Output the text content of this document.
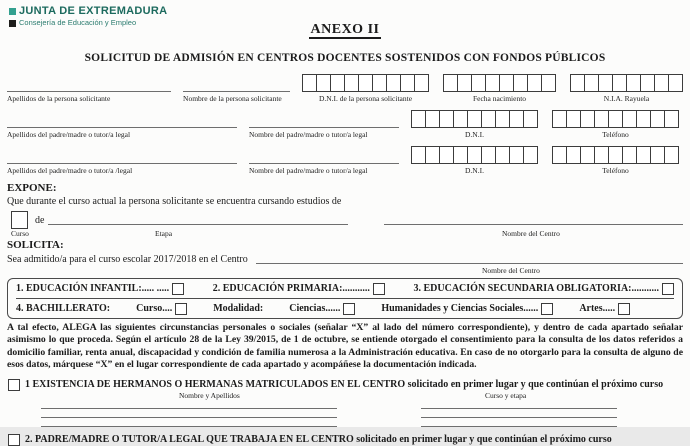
JUNTA DE EXTREMADURA
Consejería de Educación y Empleo	ANEXO II
SOLICITUD DE ADMISIÓN EN CENTROS DOCENTES SOSTENIDOS CON FONDOS PÚBLICOS
Apellidos de la persona solicitante	Nombre de la persona solicitante	D.N.I. de la persona solicitante	Fecha nacimiento	N.I.A. Rayuela
Apellidos del padre/madre o tutor/a legal	Nombre del padre/madre o tutor/a legal	D.N.I.	Teléfono
Apellidos del padre/madre o tutor/a /legal	Nombre del padre/madre o tutor/a legal	D.N.I.	Teléfono
EXPONE:
Que durante el curso actual la persona solicitante se encuentra cursando estudios de
de
Curso	Etapa	Nombre del Centro
SOLICITA:
Sea admitido/a para el curso escolar 2017/2018 en el Centro
Nombre del Centro
1. EDUCACIÓN INFANTIL:..... .....	2. EDUCACIÓN PRIMARIA:...........	3. EDUCACIÓN SECUNDARIA OBLIGATORIA:...........
4. BACHILLERATO:	Curso....	Modalidad:	Ciencias......	Humanidades y Ciencias Sociales......	Artes.....
A tal efecto, ALEGA las siguientes circunstancias personales o sociales (señalar “X” al lado del número correspondiente), y dentro de cada apartado señalar asimismo lo que proceda. Según el artículo 28 de la Ley 39/2015, de 1 de octubre, se entiende otorgado el consentimiento para la consulta de los datos referidos a domicilio familiar, renta anual, discapacidad y condición de familia numerosa a la Administración educativa. En caso de no otorgarlo para la consulta de alguno de esos datos, márquese “X” en el lugar correspondiente de cada apartado y acompáñese la documentación indicada.
1 EXISTENCIA DE HERMANOS O HERMANAS MATRICULADOS EN EL CENTRO solicitado en primer lugar y que continúan el próximo curso
Nombre y Apellidos	Curso y etapa
2. PADRE/MADRE O TUTOR/A LEGAL QUE TRABAJA EN EL CENTRO solicitado en primer lugar y que continúan el próximo curso
